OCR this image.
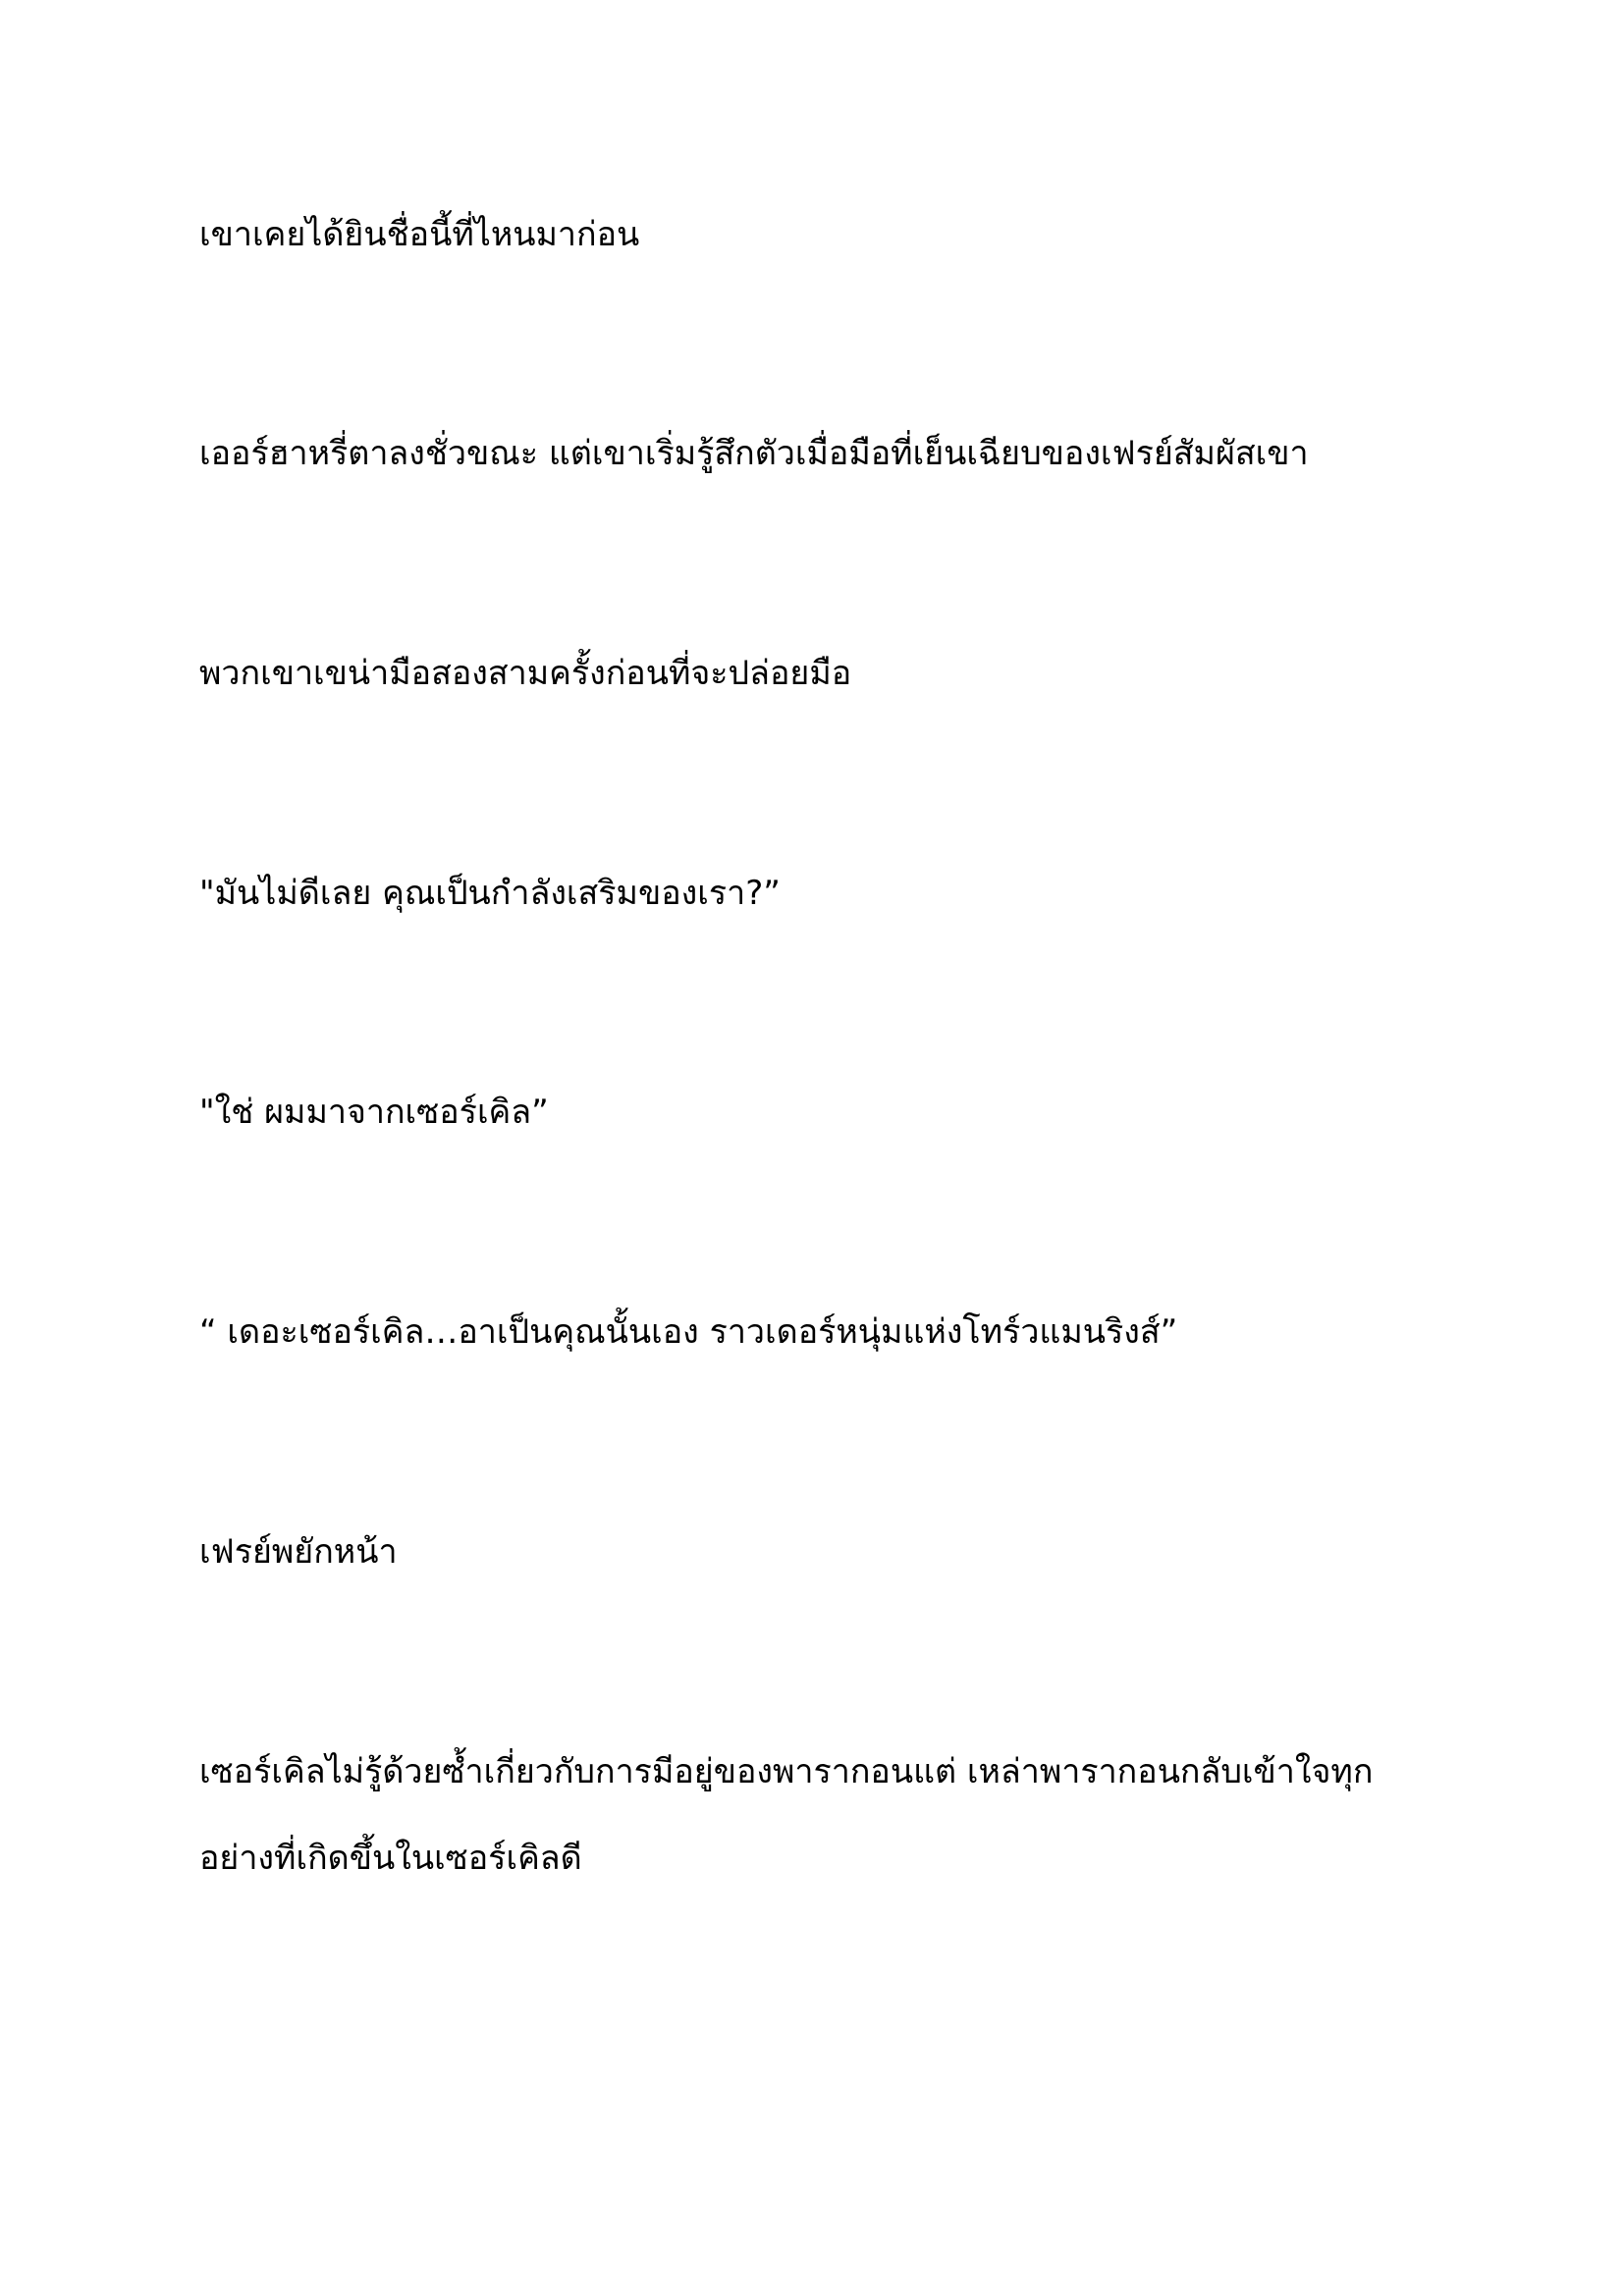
เขาเคยได้ยินชื่อนี้ที่ไหนมาก่อน

เออร์ฮาหรี่ตาลงชั่วขณะ แต่เขาเริ่มรู้สึกตัวเมื่อมือที่เย็นเฉียบของเฟรย์สัมผัสเขา

พวกเขาเขน่ามือสองสามครั้งก่อนที่จะปล่อยมือ

"มันไม่ดีเลย คุณเป็นกำลังเสริมของเรา?”

"ใช่ ผมมาจากเซอร์เคิล”

“ เดอะเซอร์เคิล…อาเป็นคุณนั้นเอง ราวเดอร์หนุ่มแห่งโทร์วแมนริงส์”

เฟรย์พยักหน้า

เซอร์เคิลไม่รู้ด้วยซ้ำเกี่ยวกับการมีอยู่ของพารากอนแต่ เหล่าพารากอนกลับเข้าใจทุกอย่างที่เกิดขึ้นในเซอร์เคิลดี
